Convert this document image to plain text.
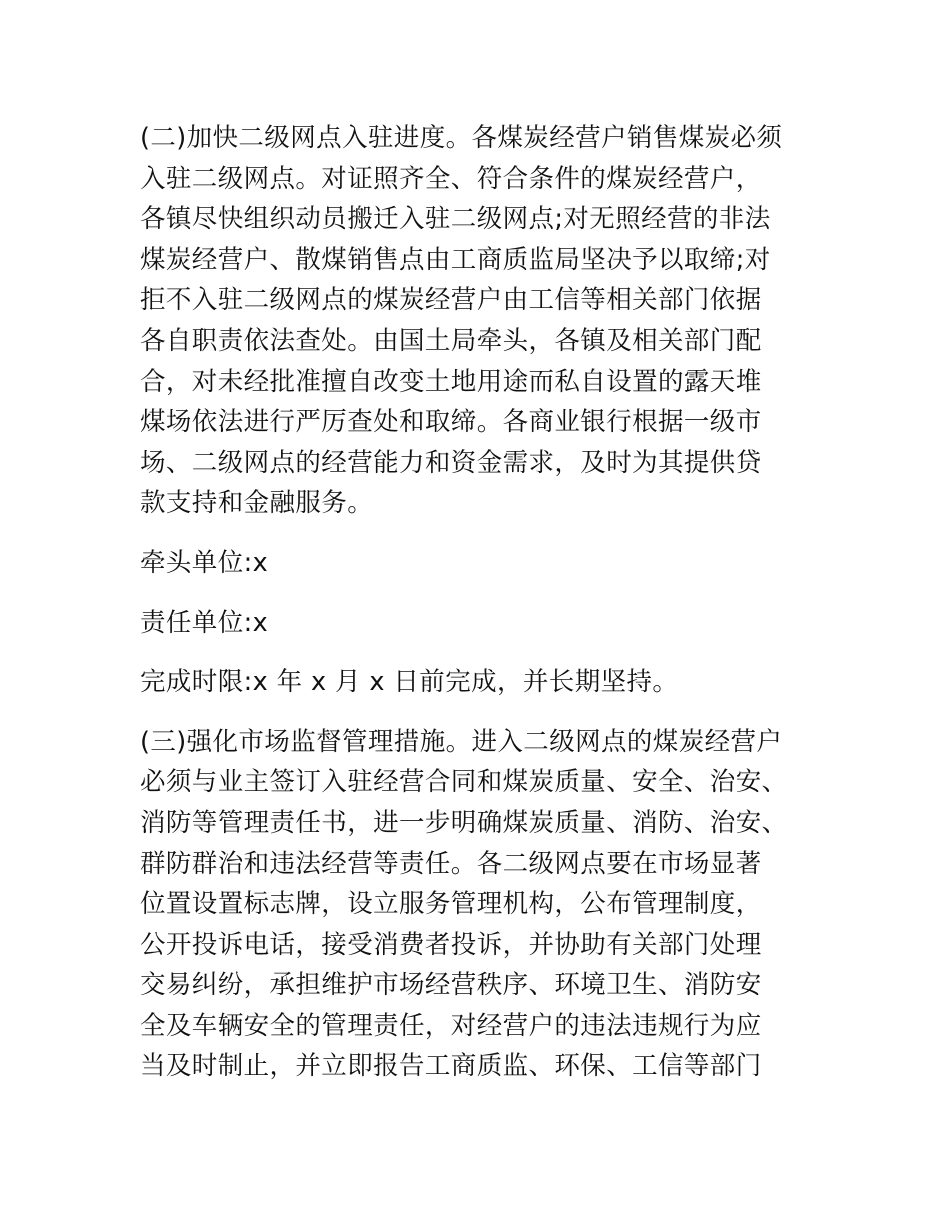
(二)加快二级网点入驻进度。各煤炭经营户销售煤炭必须
入驻二级网点。对证照齐全、符合条件的煤炭经营户，
各镇尽快组织动员搬迁入驻二级网点;对无照经营的非法
煤炭经营户、散煤销售点由工商质监局坚决予以取缔;对
拒不入驻二级网点的煤炭经营户由工信等相关部门依据
各自职责依法查处。由国土局牵头，各镇及相关部门配
合，对未经批准擅自改变土地用途而私自设置的露天堆
煤场依法进行严厉查处和取缔。各商业银行根据一级市
场、二级网点的经营能力和资金需求，及时为其提供贷
款支持和金融服务。
牵头单位:x
责任单位:x
完成时限:x 年 x 月 x 日前完成，并长期坚持。
(三)强化市场监督管理措施。进入二级网点的煤炭经营户
必须与业主签订入驻经营合同和煤炭质量、安全、治安、
消防等管理责任书，进一步明确煤炭质量、消防、治安、
群防群治和违法经营等责任。各二级网点要在市场显著
位置设置标志牌，设立服务管理机构，公布管理制度，
公开投诉电话，接受消费者投诉，并协助有关部门处理
交易纠纷，承担维护市场经营秩序、环境卫生、消防安
全及车辆安全的管理责任，对经营户的违法违规行为应
当及时制止，并立即报告工商质监、环保、工信等部门
